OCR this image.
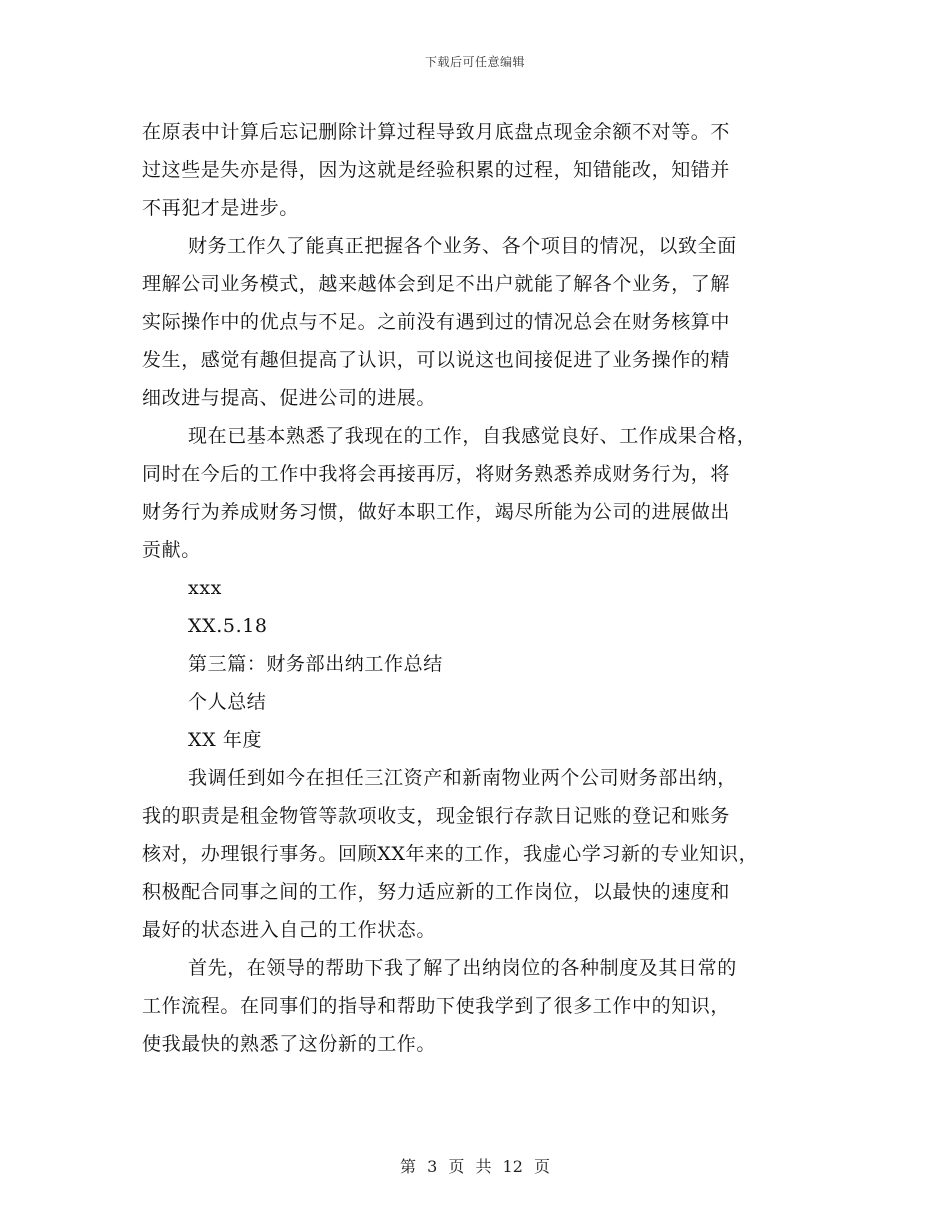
下载后可任意编辑
在原表中计算后忘记删除计算过程导致月底盘点现金余额不对等。不
过这些是失亦是得，因为这就是经验积累的过程，知错能改，知错并
不再犯才是进步。
财务工作久了能真正把握各个业务、各个项目的情况，以致全面
理解公司业务模式，越来越体会到足不出户就能了解各个业务，了解
实际操作中的优点与不足。之前没有遇到过的情况总会在财务核算中
发生，感觉有趣但提高了认识，可以说这也间接促进了业务操作的精
细改进与提高、促进公司的进展。
现在已基本熟悉了我现在的工作，自我感觉良好、工作成果合格，
同时在今后的工作中我将会再接再厉，将财务熟悉养成财务行为，将
财务行为养成财务习惯，做好本职工作，竭尽所能为公司的进展做出
贡献。
xxx
XX.5.18
第三篇：财务部出纳工作总结
个人总结
XX 年度
我调任到如今在担任三江资产和新南物业两个公司财务部出纳，
我的职责是租金物管等款项收支，现金银行存款日记账的登记和账务
核对，办理银行事务。回顾XX年来的工作，我虚心学习新的专业知识，
积极配合同事之间的工作，努力适应新的工作岗位，以最快的速度和
最好的状态进入自己的工作状态。
首先，在领导的帮助下我了解了出纳岗位的各种制度及其日常的
工作流程。在同事们的指导和帮助下使我学到了很多工作中的知识，
使我最快的熟悉了这份新的工作。
第 3 页 共 12 页
